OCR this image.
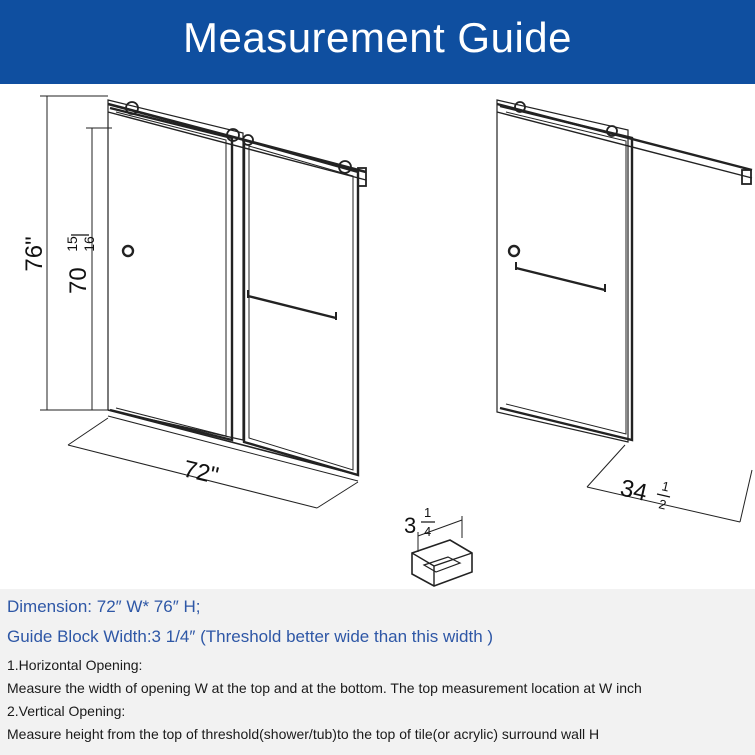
Measurement Guide
76"
70
15 16
72"
34 1
2
3
1
4
Dimension: 72″ W* 76″ H;
Guide Block Width:3 1/4″ (Threshold better wide than this width )
1.Horizontal Opening:
Measure the width of opening W at the top and at the bottom. The top measurement location at W inch
2.Vertical Opening:
Measure height from the top of threshold(shower/tub)to the top of tile(or acrylic) surround wall H
